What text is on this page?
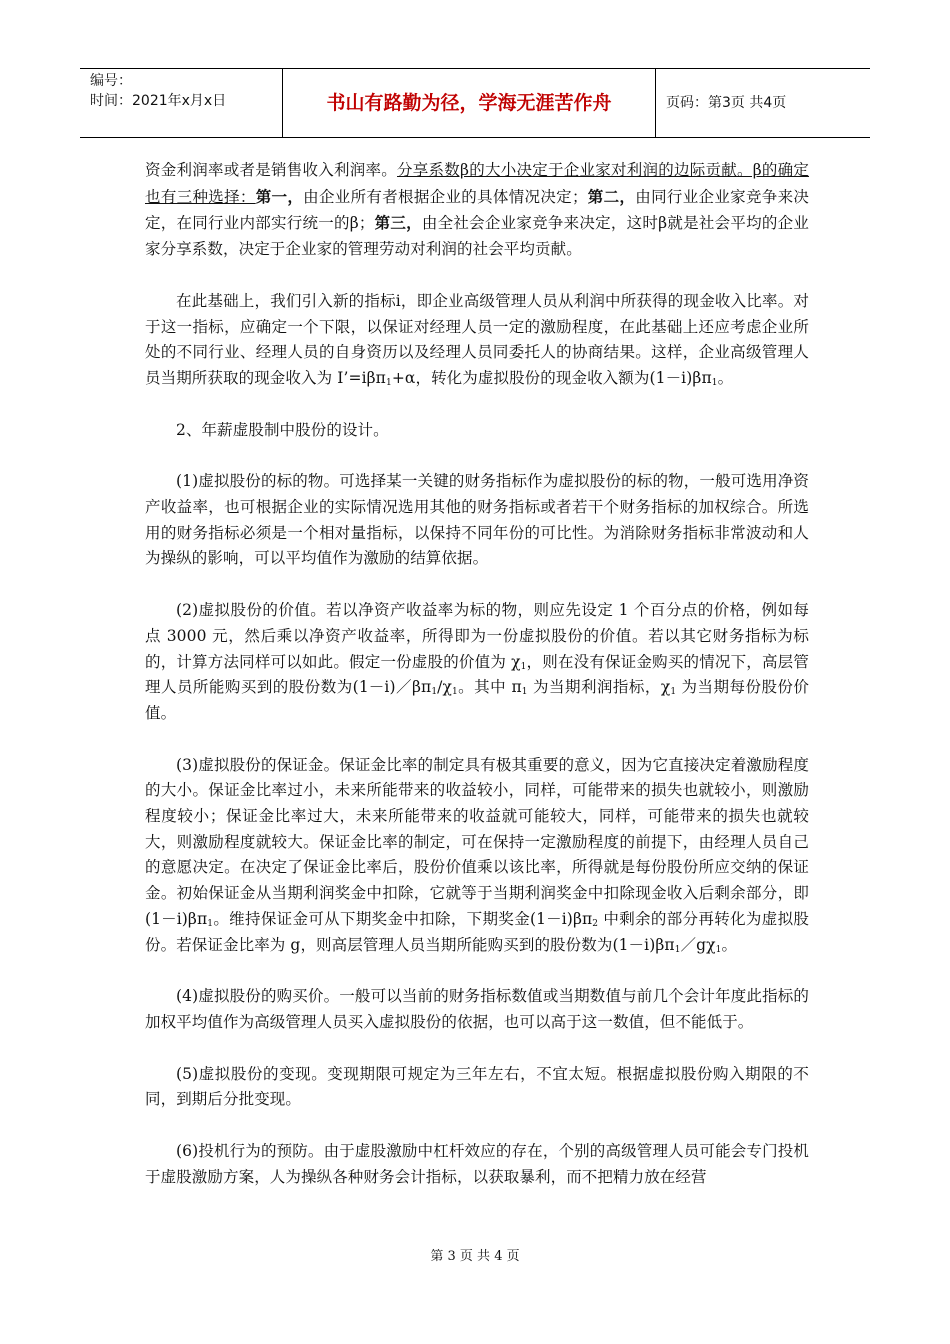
编号：
时间：2021年x月x日	书山有路勤为径，学海无涯苦作舟	页码：第3页 共4页

资金利润率或者是销售收入利润率。分享系数β的大小决定于企业家对利润的边际贡献。β的确定也有三种选择：第一，由企业所有者根据企业的具体情况决定；第二，由同行业企业家竞争来决定，在同行业内部实行统一的β；第三，由全社会企业家竞争来决定，这时β就是社会平均的企业家分享系数，决定于企业家的管理劳动对利润的社会平均贡献。

在此基础上，我们引入新的指标i，即企业高级管理人员从利润中所获得的现金收入比率。对于这一指标，应确定一个下限，以保证对经理人员一定的激励程度，在此基础上还应考虑企业所处的不同行业、经理人员的自身资历以及经理人员同委托人的协商结果。这样，企业高级管理人员当期所获取的现金收入为 I’=iβπ$_1$+α，转化为虚拟股份的现金收入额为$(1-i)\beta\pi_1$。

2、年薪虚股制中股份的设计。

(1)虚拟股份的标的物。可选择某一关键的财务指标作为虚拟股份的标的物，一般可选用净资产收益率，也可根据企业的实际情况选用其他的财务指标或者若干个财务指标的加权综合。所选用的财务指标必须是一个相对量指标，以保持不同年份的可比性。为消除财务指标非常波动和人为操纵的影响，可以平均值作为激励的结算依据。

(2)虚拟股份的价值。若以净资产收益率为标的物，则应先设定 1 个百分点的价格，例如每点 3000 元，然后乘以净资产收益率，所得即为一份虚拟股份的价值。若以其它财务指标为标的，计算方法同样可以如此。假定一份虚股的价值为 $\chi_1$，则在没有保证金购买的情况下，高层管理人员所能购买到的股份数为$(1-i)/\beta\pi_1/\chi_1$。其中 $\pi_1$ 为当期利润指标，$\chi_1$ 为当期每份股份价值。

(3)虚拟股份的保证金。保证金比率的制定具有极其重要的意义，因为它直接决定着激励程度的大小。保证金比率过小，未来所能带来的收益较小，同样，可能带来的损失也就较小，则激励程度较小；保证金比率过大，未来所能带来的收益就可能较大，同样，可能带来的损失也就较大，则激励程度就较大。保证金比率的制定，可在保持一定激励程度的前提下，由经理人员自己的意愿决定。在决定了保证金比率后，股份价值乘以该比率，所得就是每份股份所应交纳的保证金。初始保证金从当期利润奖金中扣除，它就等于当期利润奖金中扣除现金收入后剩余部分，即$(1-i)\beta\pi_1$。维持保证金可从下期奖金中扣除，下期奖金$(1-i)\beta\pi_2$ 中剩余的部分再转化为虚拟股份。若保证金比率为 g，则高层管理人员当期所能购买到的股份数为$(1-i)\beta\pi_1/g\chi_1$。

(4)虚拟股份的购买价。一般可以当前的财务指标数值或当期数值与前几个会计年度此指标的加权平均值作为高级管理人员买入虚拟股份的依据，也可以高于这一数值，但不能低于。

(5)虚拟股份的变现。变现期限可规定为三年左右，不宜太短。根据虚拟股份购入期限的不同，到期后分批变现。

(6)投机行为的预防。由于虚股激励中杠杆效应的存在，个别的高级管理人员可能会专门投机于虚股激励方案，人为操纵各种财务会计指标，以获取暴利，而不把精力放在经营

第 3 页 共 4 页
